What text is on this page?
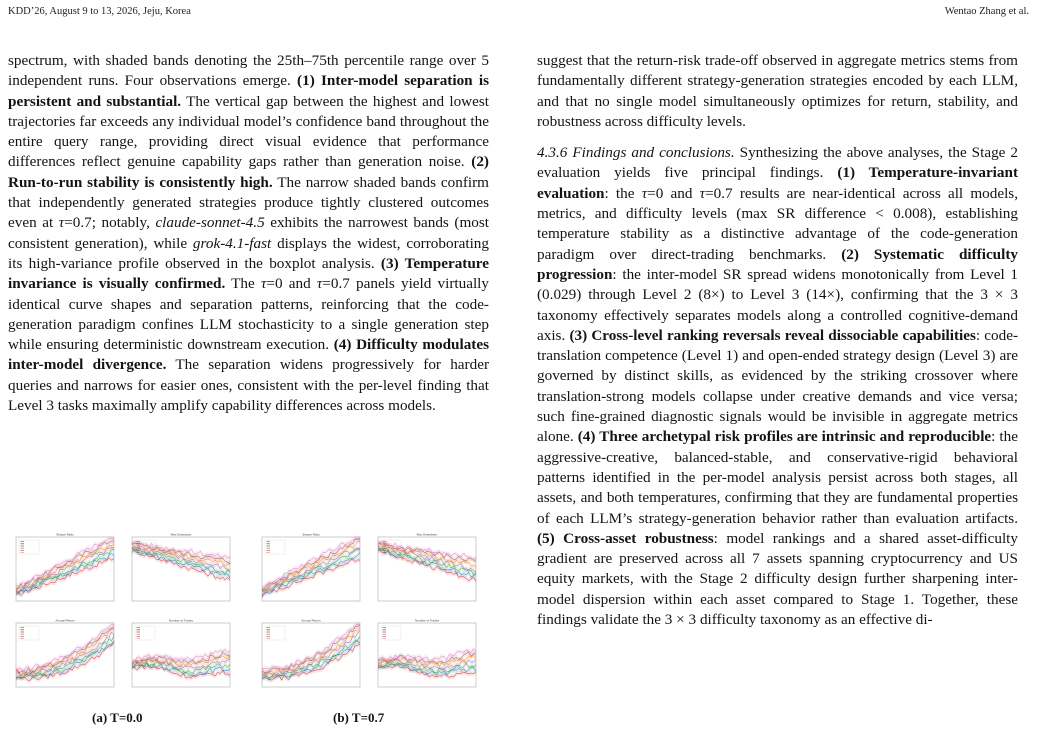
KDD’26, August 9 to 13, 2026, Jeju, Korea	Wentao Zhang et al.

spectrum, with shaded bands denoting the 25th–75th percentile range over 5 independent runs. Four observations emerge. (1) Inter-model separation is persistent and substantial. The vertical gap between the highest and lowest trajectories far exceeds any individual model’s confidence band throughout the entire query range, providing direct visual evidence that performance differences reflect genuine capability gaps rather than generation noise. (2) Run-to-run stability is consistently high. The narrow shaded bands confirm that independently generated strategies produce tightly clustered outcomes even at τ=0.7; notably, claude-sonnet-4.5 exhibits the narrowest bands (most consistent generation), while grok-4.1-fast displays the widest, corroborating its high-variance profile observed in the boxplot analysis. (3) Temperature invariance is visually confirmed. The τ=0 and τ=0.7 panels yield virtually identical curve shapes and separation patterns, reinforcing that the code-generation paradigm confines LLM stochasticity to a single generation step while ensuring deterministic downstream execution. (4) Difficulty modulates inter-model divergence. The separation widens progressively for harder queries and narrows for easier ones, consistent with the per-level finding that Level 3 tasks maximally amplify capability differences across models.

suggest that the return-risk trade-off observed in aggregate metrics stems from fundamentally different strategy-generation strategies encoded by each LLM, and that no single model simultaneously optimizes for return, stability, and robustness across difficulty levels.

4.3.6 Findings and conclusions. Synthesizing the above analyses, the Stage 2 evaluation yields five principal findings. (1) Temperature-invariant evaluation: the τ=0 and τ=0.7 results are near-identical across all models, metrics, and difficulty levels (max SR difference < 0.008), establishing temperature stability as a distinctive advantage of the code-generation paradigm over direct-trading benchmarks. (2) Systematic difficulty progression: the inter-model SR spread widens monotonically from Level 1 (0.029) through Level 2 (8×) to Level 3 (14×), confirming that the 3 × 3 taxonomy effectively separates models along a controlled cognitive-demand axis. (3) Cross-level ranking reversals reveal dissociable capabilities: code-translation competence (Level 1) and open-ended strategy design (Level 3) are governed by distinct skills, as evidenced by the striking crossover where translation-strong models collapse under creative demands and vice versa; such fine-grained diagnostic signals would be invisible in aggregate metrics alone. (4) Three archetypal risk profiles are intrinsic and reproducible: the aggressive-creative, balanced-stable, and conservative-rigid behavioral patterns identified in the per-model analysis persist across both stages, all assets, and both temperatures, confirming that they are fundamental properties of each LLM’s strategy-generation behavior rather than evaluation artifacts. (5) Cross-asset robustness: model rankings and a shared asset-difficulty gradient are preserved across all 7 assets spanning cryptocurrency and US equity markets, with the Stage 2 difficulty design further sharpening inter-model dispersion within each asset compared to Stage 1. Together, these findings validate the 3 × 3 difficulty taxonomy as an effective di-

Sharpe Ratio	Max Drawdown
Annual Return	Number of Trades
Sharpe Ratio	Max Drawdown
Annual Return	Number of Trades
(a) T=0.0	(b) T=0.7
